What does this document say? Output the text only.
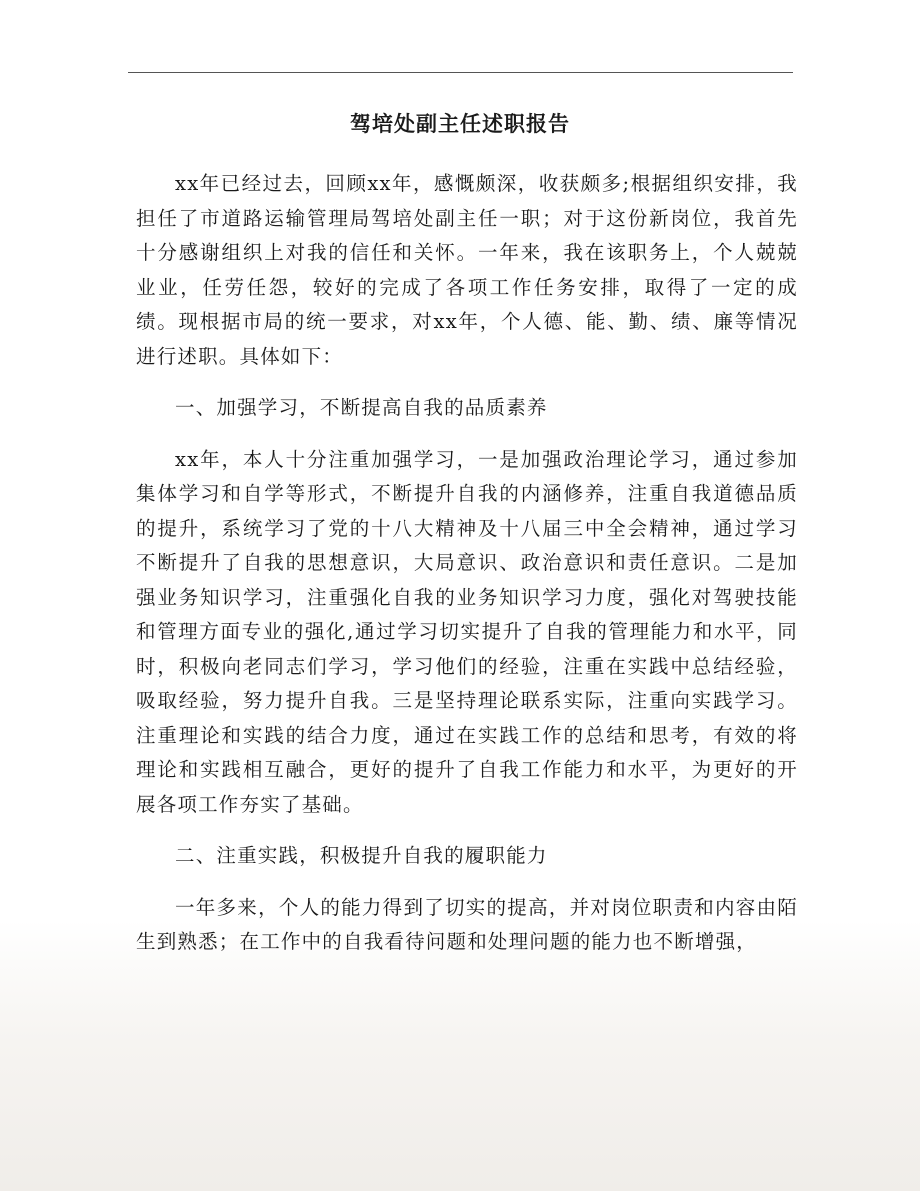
驾培处副主任述职报告

xx年已经过去，回顾xx年，感慨颇深，收获颇多;根据组织安排，我担任了市道路运输管理局驾培处副主任一职；对于这份新岗位，我首先十分感谢组织上对我的信任和关怀。一年来，我在该职务上，个人兢兢业业，任劳任怨，较好的完成了各项工作任务安排，取得了一定的成绩。现根据市局的统一要求，对xx年，个人德、能、勤、绩、廉等情况进行述职。具体如下：

一、加强学习，不断提高自我的品质素养

xx年，本人十分注重加强学习，一是加强政治理论学习，通过参加集体学习和自学等形式，不断提升自我的内涵修养，注重自我道德品质的提升，系统学习了党的十八大精神及十八届三中全会精神，通过学习不断提升了自我的思想意识，大局意识、政治意识和责任意识。二是加强业务知识学习，注重强化自我的业务知识学习力度，强化对驾驶技能和管理方面专业的强化,通过学习切实提升了自我的管理能力和水平，同时，积极向老同志们学习，学习他们的经验，注重在实践中总结经验，吸取经验，努力提升自我。三是坚持理论联系实际，注重向实践学习。注重理论和实践的结合力度，通过在实践工作的总结和思考，有效的将理论和实践相互融合，更好的提升了自我工作能力和水平，为更好的开展各项工作夯实了基础。

二、注重实践，积极提升自我的履职能力

一年多来，个人的能力得到了切实的提高，并对岗位职责和内容由陌生到熟悉；在工作中的自我看待问题和处理问题的能力也不断增强，
